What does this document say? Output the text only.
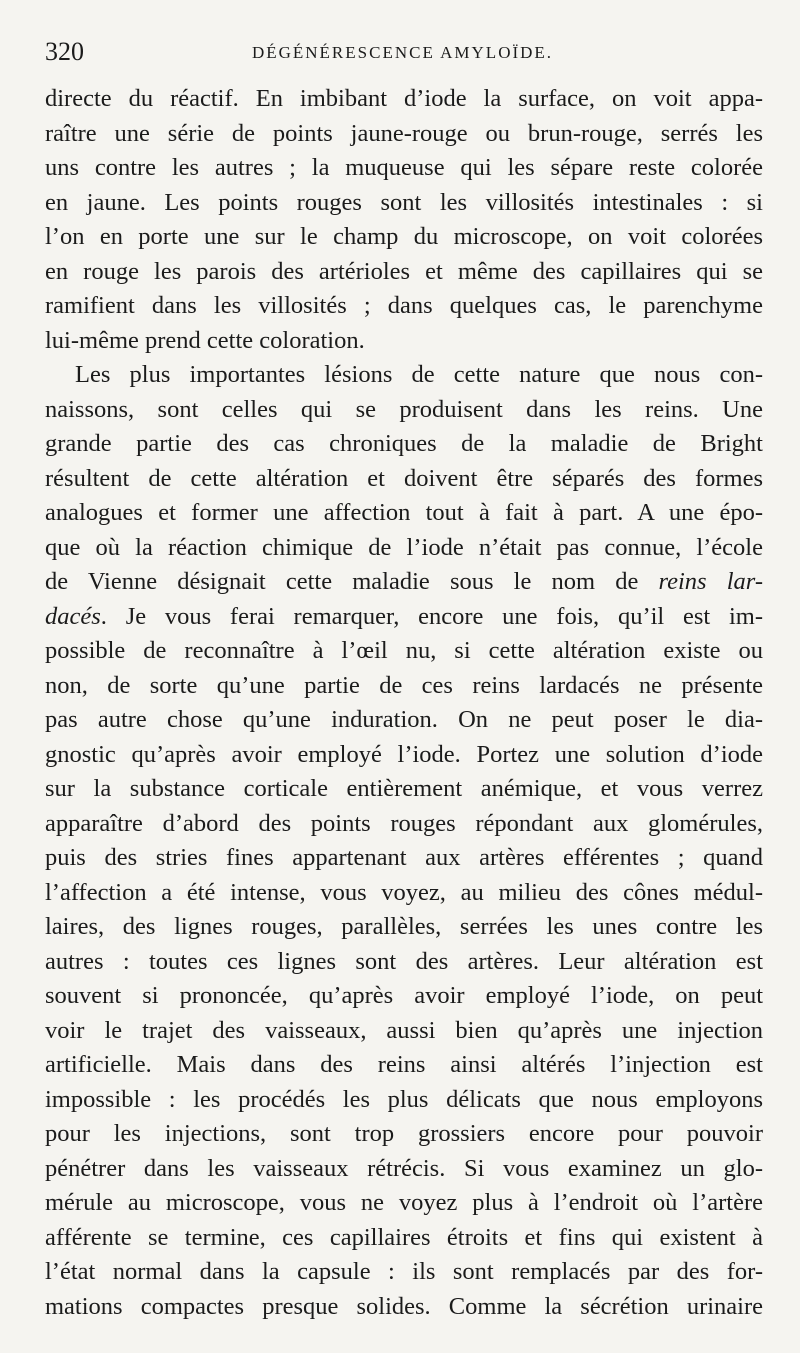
320	DÉGÉNÉRESCENCE AMYLOÏDE.
directe du réactif. En imbibant d’iode la surface, on voit appa-
raître une série de points jaune-rouge ou brun-rouge, serrés les
uns contre les autres ; la muqueuse qui les sépare reste colorée
en jaune. Les points rouges sont les villosités intestinales : si
l’on en porte une sur le champ du microscope, on voit colorées
en rouge les parois des artérioles et même des capillaires qui se
ramifient dans les villosités ; dans quelques cas, le parenchyme
lui-même prend cette coloration.
Les plus importantes lésions de cette nature que nous con-
naissons, sont celles qui se produisent dans les reins. Une
grande partie des cas chroniques de la maladie de Bright
résultent de cette altération et doivent être séparés des formes
analogues et former une affection tout à fait à part. A une épo-
que où la réaction chimique de l’iode n’était pas connue, l’école
de Vienne désignait cette maladie sous le nom de reins lar-
dacés. Je vous ferai remarquer, encore une fois, qu’il est im-
possible de reconnaître à l’œil nu, si cette altération existe ou
non, de sorte qu’une partie de ces reins lardacés ne présente
pas autre chose qu’une induration. On ne peut poser le dia-
gnostic qu’après avoir employé l’iode. Portez une solution d’iode
sur la substance corticale entièrement anémique, et vous verrez
apparaître d’abord des points rouges répondant aux glomérules,
puis des stries fines appartenant aux artères efférentes ; quand
l’affection a été intense, vous voyez, au milieu des cônes médul-
laires, des lignes rouges, parallèles, serrées les unes contre les
autres : toutes ces lignes sont des artères. Leur altération est
souvent si prononcée, qu’après avoir employé l’iode, on peut
voir le trajet des vaisseaux, aussi bien qu’après une injection
artificielle. Mais dans des reins ainsi altérés l’injection est
impossible : les procédés les plus délicats que nous employons
pour les injections, sont trop grossiers encore pour pouvoir
pénétrer dans les vaisseaux rétrécis. Si vous examinez un glo-
mérule au microscope, vous ne voyez plus à l’endroit où l’artère
afférente se termine, ces capillaires étroits et fins qui existent à
l’état normal dans la capsule : ils sont remplacés par des for-
mations compactes presque solides. Comme la sécrétion urinaire
